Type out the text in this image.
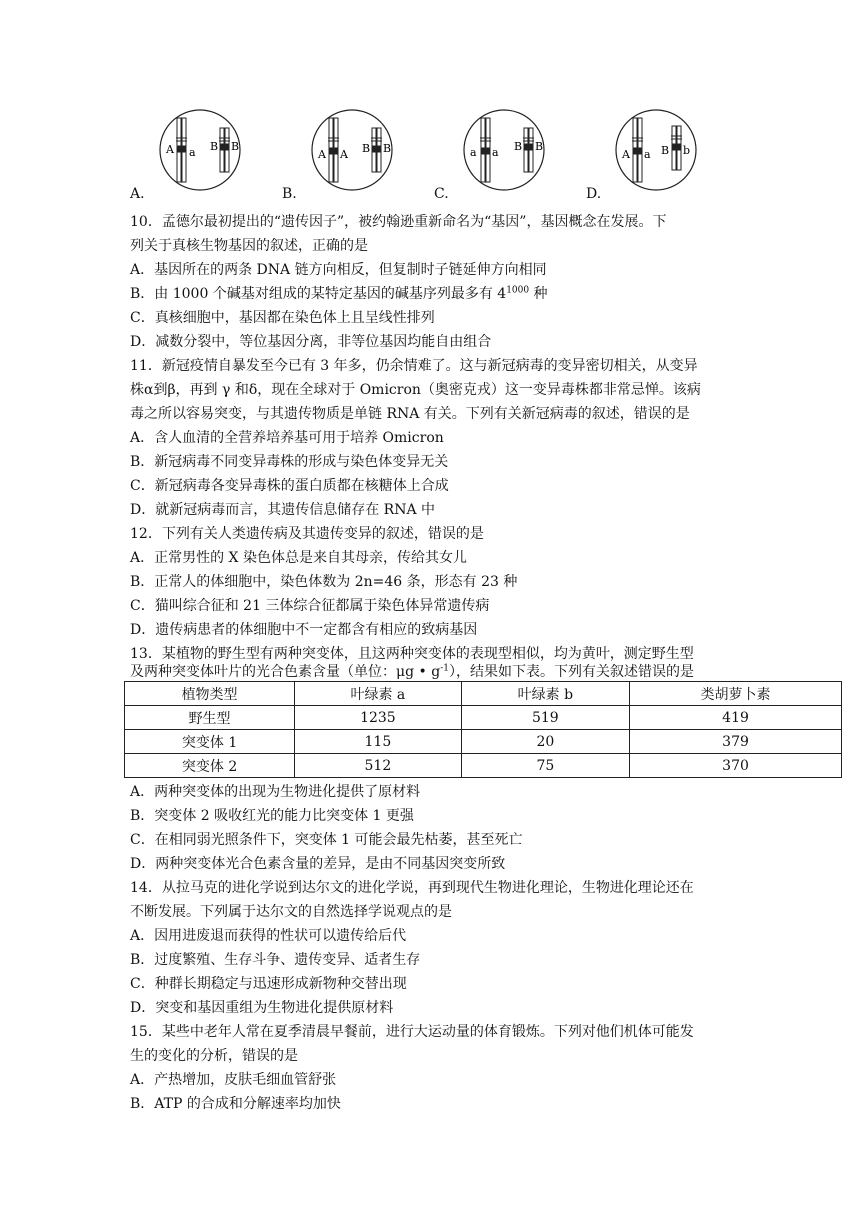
A.	B.	C.	D.
A a B B
A A B B	a a B B
A a B b
10．孟德尔最初提出的“遗传因子”，被约翰逊重新命名为“基因”，基因概念在发展。下
列关于真核生物基因的叙述，正确的是
A．基因所在的两条 DNA 链方向相反，但复制时子链延伸方向相同
B．由 1000 个碱基对组成的某特定基因的碱基序列最多有 $4^{1000}$ 种
C．真核细胞中，基因都在染色体上且呈线性排列
D．减数分裂中，等位基因分离，非等位基因均能自由组合
11．新冠疫情自暴发至今已有 3 年多，仍余情难了。这与新冠病毒的变异密切相关，从变异
株α到β，再到 γ 和δ，现在全球对于 Omicron（奥密克戎）这一变异毒株都非常忌惮。该病
毒之所以容易突变，与其遗传物质是单链 RNA 有关。下列有关新冠病毒的叙述，错误的是
A．含人血清的全营养培养基可用于培养 Omicron
B．新冠病毒不同变异毒株的形成与染色体变异无关
C．新冠病毒各变异毒株的蛋白质都在核糖体上合成
D．就新冠病毒而言，其遗传信息储存在 RNA 中
12．下列有关人类遗传病及其遗传变异的叙述，错误的是
A．正常男性的 X 染色体总是来自其母亲，传给其女儿
B．正常人的体细胞中，染色体数为 2n=46 条，形态有 23 种
C．猫叫综合征和 21 三体综合征都属于染色体异常遗传病
D．遗传病患者的体细胞中不一定都含有相应的致病基因
13．某植物的野生型有两种突变体，且这两种突变体的表现型相似，均为黄叶，测定野生型
及两种突变体叶片的光合色素含量（单位：μg • $g^{-1}$），结果如下表。下列有关叙述错误的是
植物类型	叶绿素 a	叶绿素 b	类胡萝卜素
野生型	1235	519	419
突变体 1	115	20	379
突变体 2	512	75	370
A．两种突变体的出现为生物进化提供了原材料
B．突变体 2 吸收红光的能力比突变体 1 更强
C．在相同弱光照条件下，突变体 1 可能会最先枯萎，甚至死亡
D．两种突变体光合色素含量的差异，是由不同基因突变所致
14．从拉马克的进化学说到达尔文的进化学说，再到现代生物进化理论，生物进化理论还在
不断发展。下列属于达尔文的自然选择学说观点的是
A．因用进废退而获得的性状可以遗传给后代
B．过度繁殖、生存斗争、遗传变异、适者生存
C．种群长期稳定与迅速形成新物种交替出现
D．突变和基因重组为生物进化提供原材料
15．某些中老年人常在夏季清晨早餐前，进行大运动量的体育锻炼。下列对他们机体可能发
生的变化的分析，错误的是
A．产热增加，皮肤毛细血管舒张
B．ATP 的合成和分解速率均加快
